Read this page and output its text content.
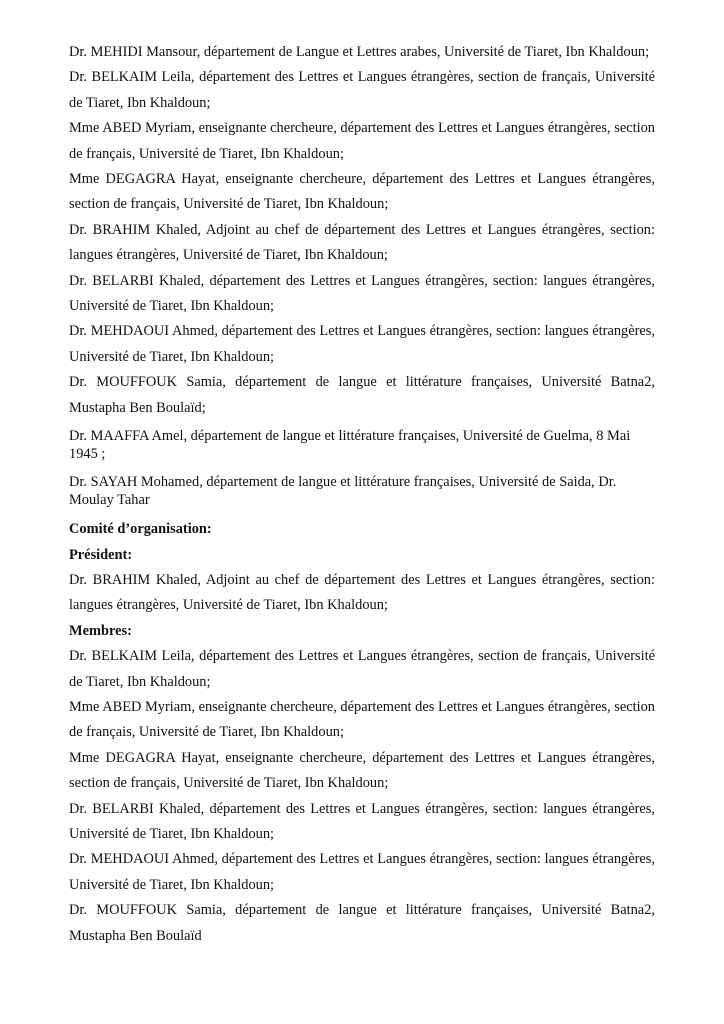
Dr. MEHIDI Mansour, département de Langue et Lettres arabes, Université de Tiaret, Ibn Khaldoun;

Dr. BELKAIM Leila, département des Lettres et Langues étrangères, section de français, Université de Tiaret, Ibn Khaldoun;

Mme ABED Myriam, enseignante chercheure, département des Lettres et Langues étrangères, section de français, Université de Tiaret, Ibn Khaldoun;

Mme DEGAGRA Hayat, enseignante chercheure, département des Lettres et Langues étrangères, section de français, Université de Tiaret, Ibn Khaldoun;

Dr. BRAHIM Khaled, Adjoint au chef de département des Lettres et Langues étrangères, section: langues étrangères, Université de Tiaret, Ibn Khaldoun;

Dr. BELARBI Khaled, département des Lettres et Langues étrangères, section: langues étrangères, Université de Tiaret, Ibn Khaldoun;

Dr. MEHDAOUI Ahmed, département des Lettres et Langues étrangères, section: langues étrangères, Université de Tiaret, Ibn Khaldoun;

Dr. MOUFFOUK Samia, département de langue et littérature françaises, Université Batna2, Mustapha Ben Boulaïd;

Dr. MAAFFA Amel, département de langue et littérature françaises, Université de Guelma, 8 Mai 1945 ;

Dr. SAYAH Mohamed, département de langue et littérature françaises, Université de Saida, Dr. Moulay Tahar

Comité d’organisation:

Président:

Dr. BRAHIM Khaled, Adjoint au chef de département des Lettres et Langues étrangères, section: langues étrangères, Université de Tiaret, Ibn Khaldoun;

Membres:

Dr. BELKAIM Leila, département des Lettres et Langues étrangères, section de français, Université de Tiaret, Ibn Khaldoun;

Mme ABED Myriam, enseignante chercheure, département des Lettres et Langues étrangères, section de français, Université de Tiaret, Ibn Khaldoun;

Mme DEGAGRA Hayat, enseignante chercheure, département des Lettres et Langues étrangères, section de français, Université de Tiaret, Ibn Khaldoun;

Dr. BELARBI Khaled, département des Lettres et Langues étrangères, section: langues étrangères, Université de Tiaret, Ibn Khaldoun;

Dr. MEHDAOUI Ahmed, département des Lettres et Langues étrangères, section: langues étrangères, Université de Tiaret, Ibn Khaldoun;

Dr. MOUFFOUK Samia, département de langue et littérature françaises, Université Batna2, Mustapha Ben Boulaïd
